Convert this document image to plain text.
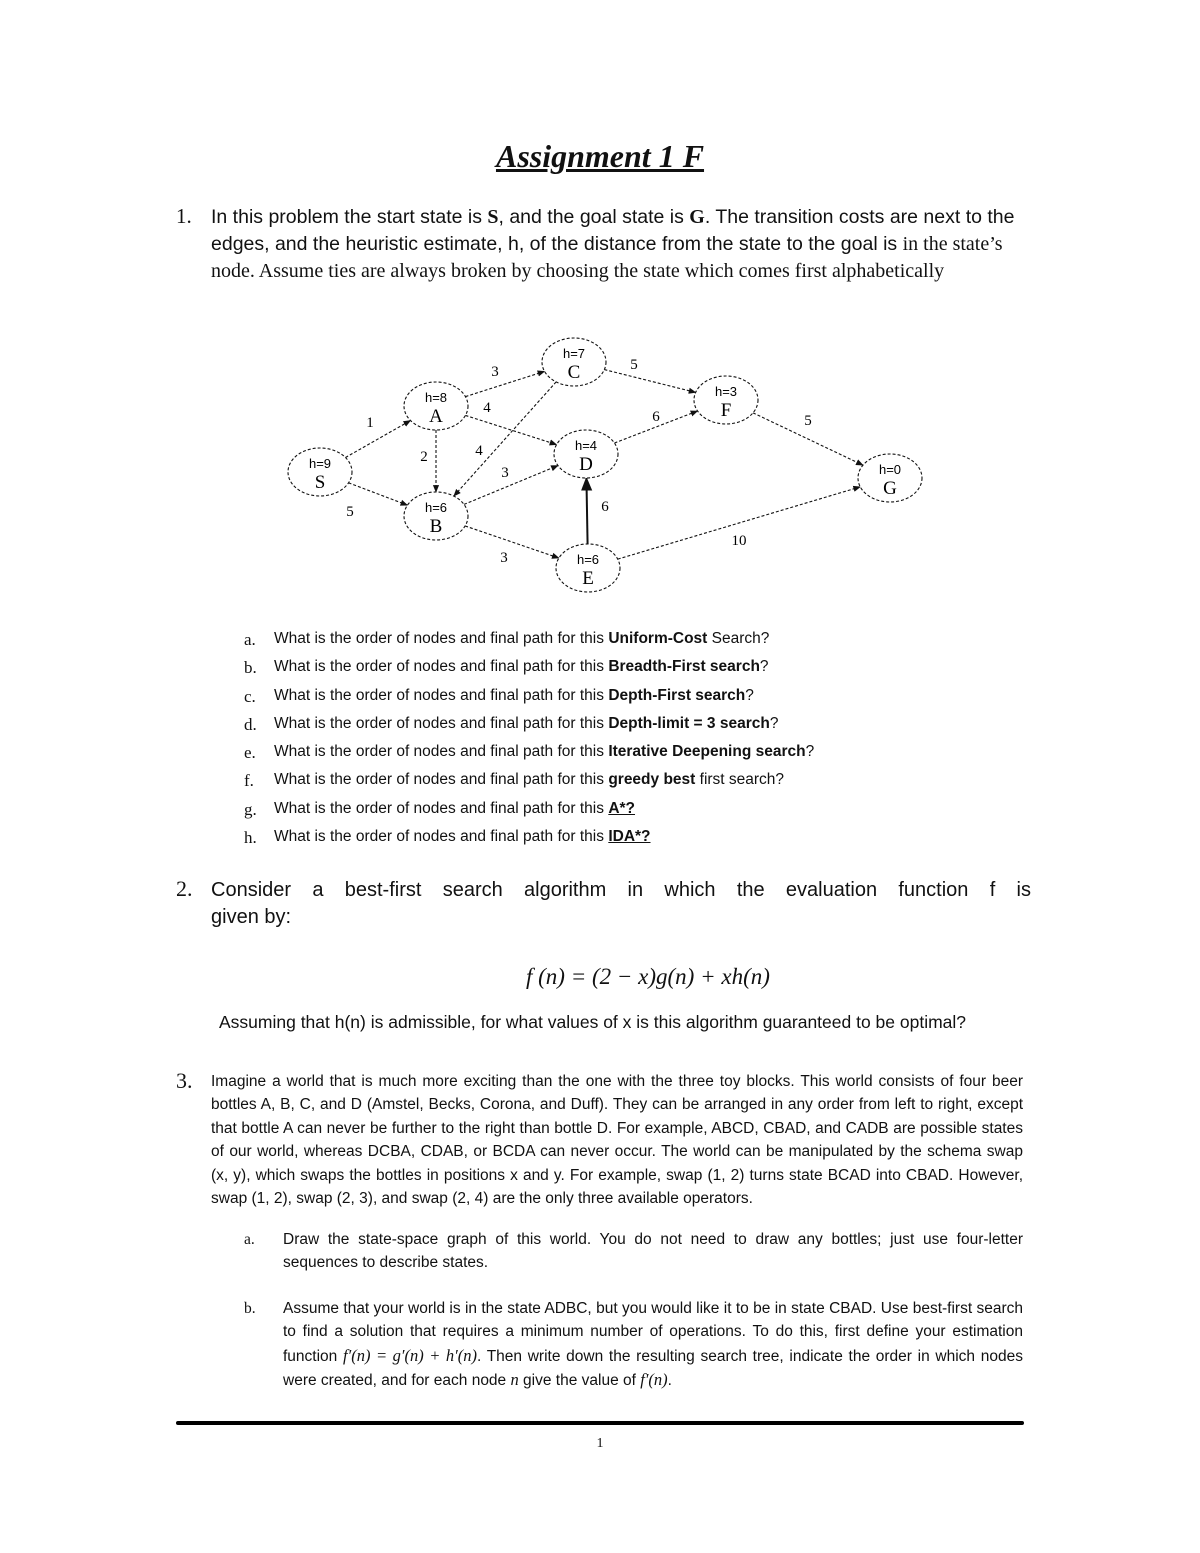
Assignment 1 F
1. In this problem the start state is S, and the goal state is G. The transition costs are next to the edges, and the heuristic estimate, h, of the distance from the state to the goal is in the state’s node. Assume ties are always broken by choosing the state which comes first alphabetically
1
5
2
3
4
4
3
3
6
5
6	5
10
h=9
S
h=8
A
h=6
B
h=7
C
h=4
D
h=6
E
h=3
F
h=0
G
a.	What is the order of nodes and final path for this Uniform-Cost Search?
b.	What is the order of nodes and final path for this Breadth-First search?
c.	What is the order of nodes and final path for this Depth-First search?
d.	What is the order of nodes and final path for this Depth-limit = 3 search?
e.	What is the order of nodes and final path for this Iterative Deepening search?
f.	What is the order of nodes and final path for this greedy best first search?
g.	What is the order of nodes and final path for this A*?
h.	What is the order of nodes and final path for this IDA*?
2. Consider a best-first search algorithm in which the evaluation function f is
given by:
f (n) = (2 − x)g(n) + xh(n)
Assuming that h(n) is admissible, for what values of x is this algorithm guaranteed to be optimal?
3. Imagine a world that is much more exciting than the one with the three toy blocks. This world consists of four beer bottles A, B, C, and D (Amstel, Becks, Corona, and Duff). They can be arranged in any order from left to right, except that bottle A can never be further to the right than bottle D. For example, ABCD, CBAD, and CADB are possible states of our world, whereas DCBA, CDAB, or BCDA can never occur. The world can be manipulated by the schema swap (x, y), which swaps the bottles in positions x and y. For example, swap (1, 2) turns state BCAD into CBAD. However, swap (1, 2), swap (2, 3), and swap (2, 4) are the only three available operators.
a. Draw the state-space graph of this world. You do not need to draw any bottles; just use four-letter sequences to describe states.
b. Assume that your world is in the state ADBC, but you would like it to be in state CBAD. Use best-first search to find a solution that requires a minimum number of operations. To do this, first define your estimation function f′(n) = g′(n) + h′(n). Then write down the resulting search tree, indicate the order in which nodes were created, and for each node n give the value of f′(n).
1
